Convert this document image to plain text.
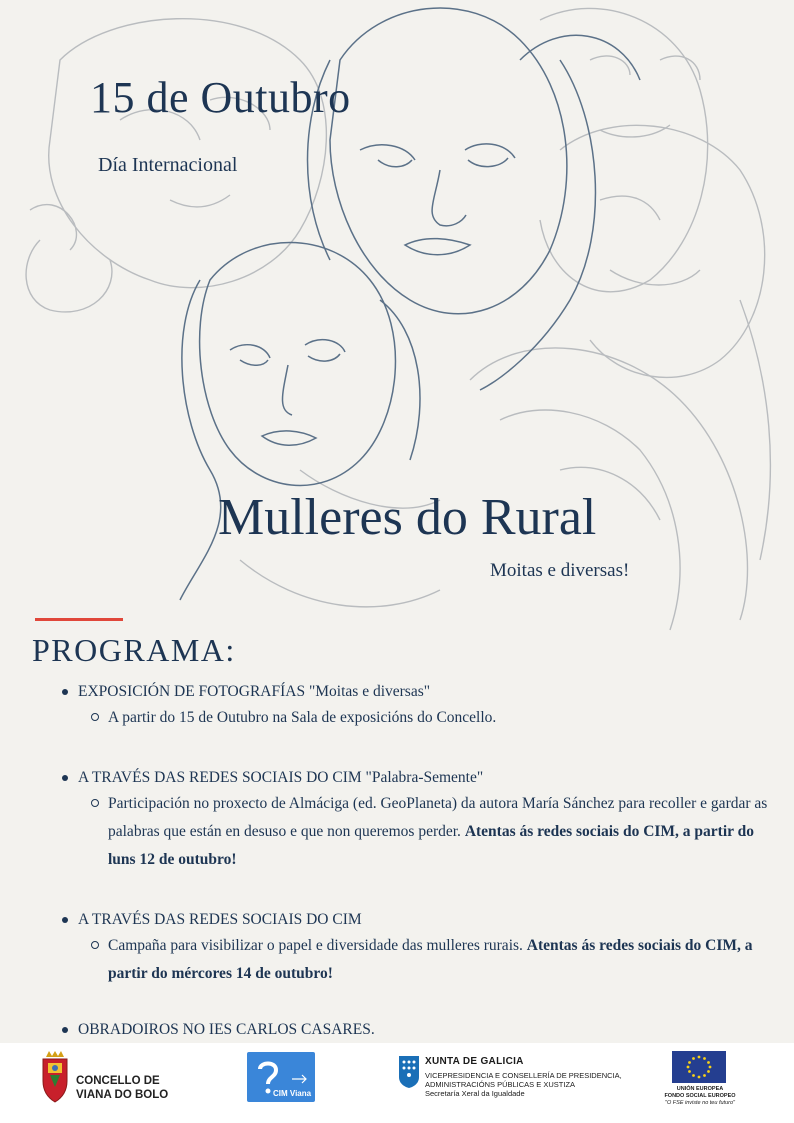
15 de Outubro
Día Internacional
Mulleres do Rural
Moitas e diversas!
PROGRAMA:
EXPOSICIÓN DE FOTOGRAFÍAS "Moitas e diversas"
A partir do 15 de Outubro na Sala de exposicións do Concello.
A TRAVÉS DAS REDES SOCIAIS DO CIM "Palabra-Semente"
Participación no proxecto de Almáciga (ed. GeoPlaneta) da autora María Sánchez para recoller e gardar as palabras que están en desuso e que non queremos perder. Atentas ás redes sociais do CIM, a partir do luns 12 de outubro!
A TRAVÉS DAS REDES SOCIAIS DO CIM
Campaña para visibilizar o papel e diversidade das mulleres rurais. Atentas ás redes sociais do CIM, a partir do mércores 14 de outubro!
OBRADOIROS NO IES CARLOS CASARES.
CONCELLO DE
VIANA DO BOLO	CIM Viana
XUNTA DE GALICIA
VICEPRESIDENCIA E CONSELLERÍA DE PRESIDENCIA,
ADMINISTRACIÓNS PÚBLICAS E XUSTIZA
Secretaría Xeral da Igualdade	UNIÓN EUROPEA
FONDO SOCIAL EUROPEO
"O FSE inviste no teu futuro"
